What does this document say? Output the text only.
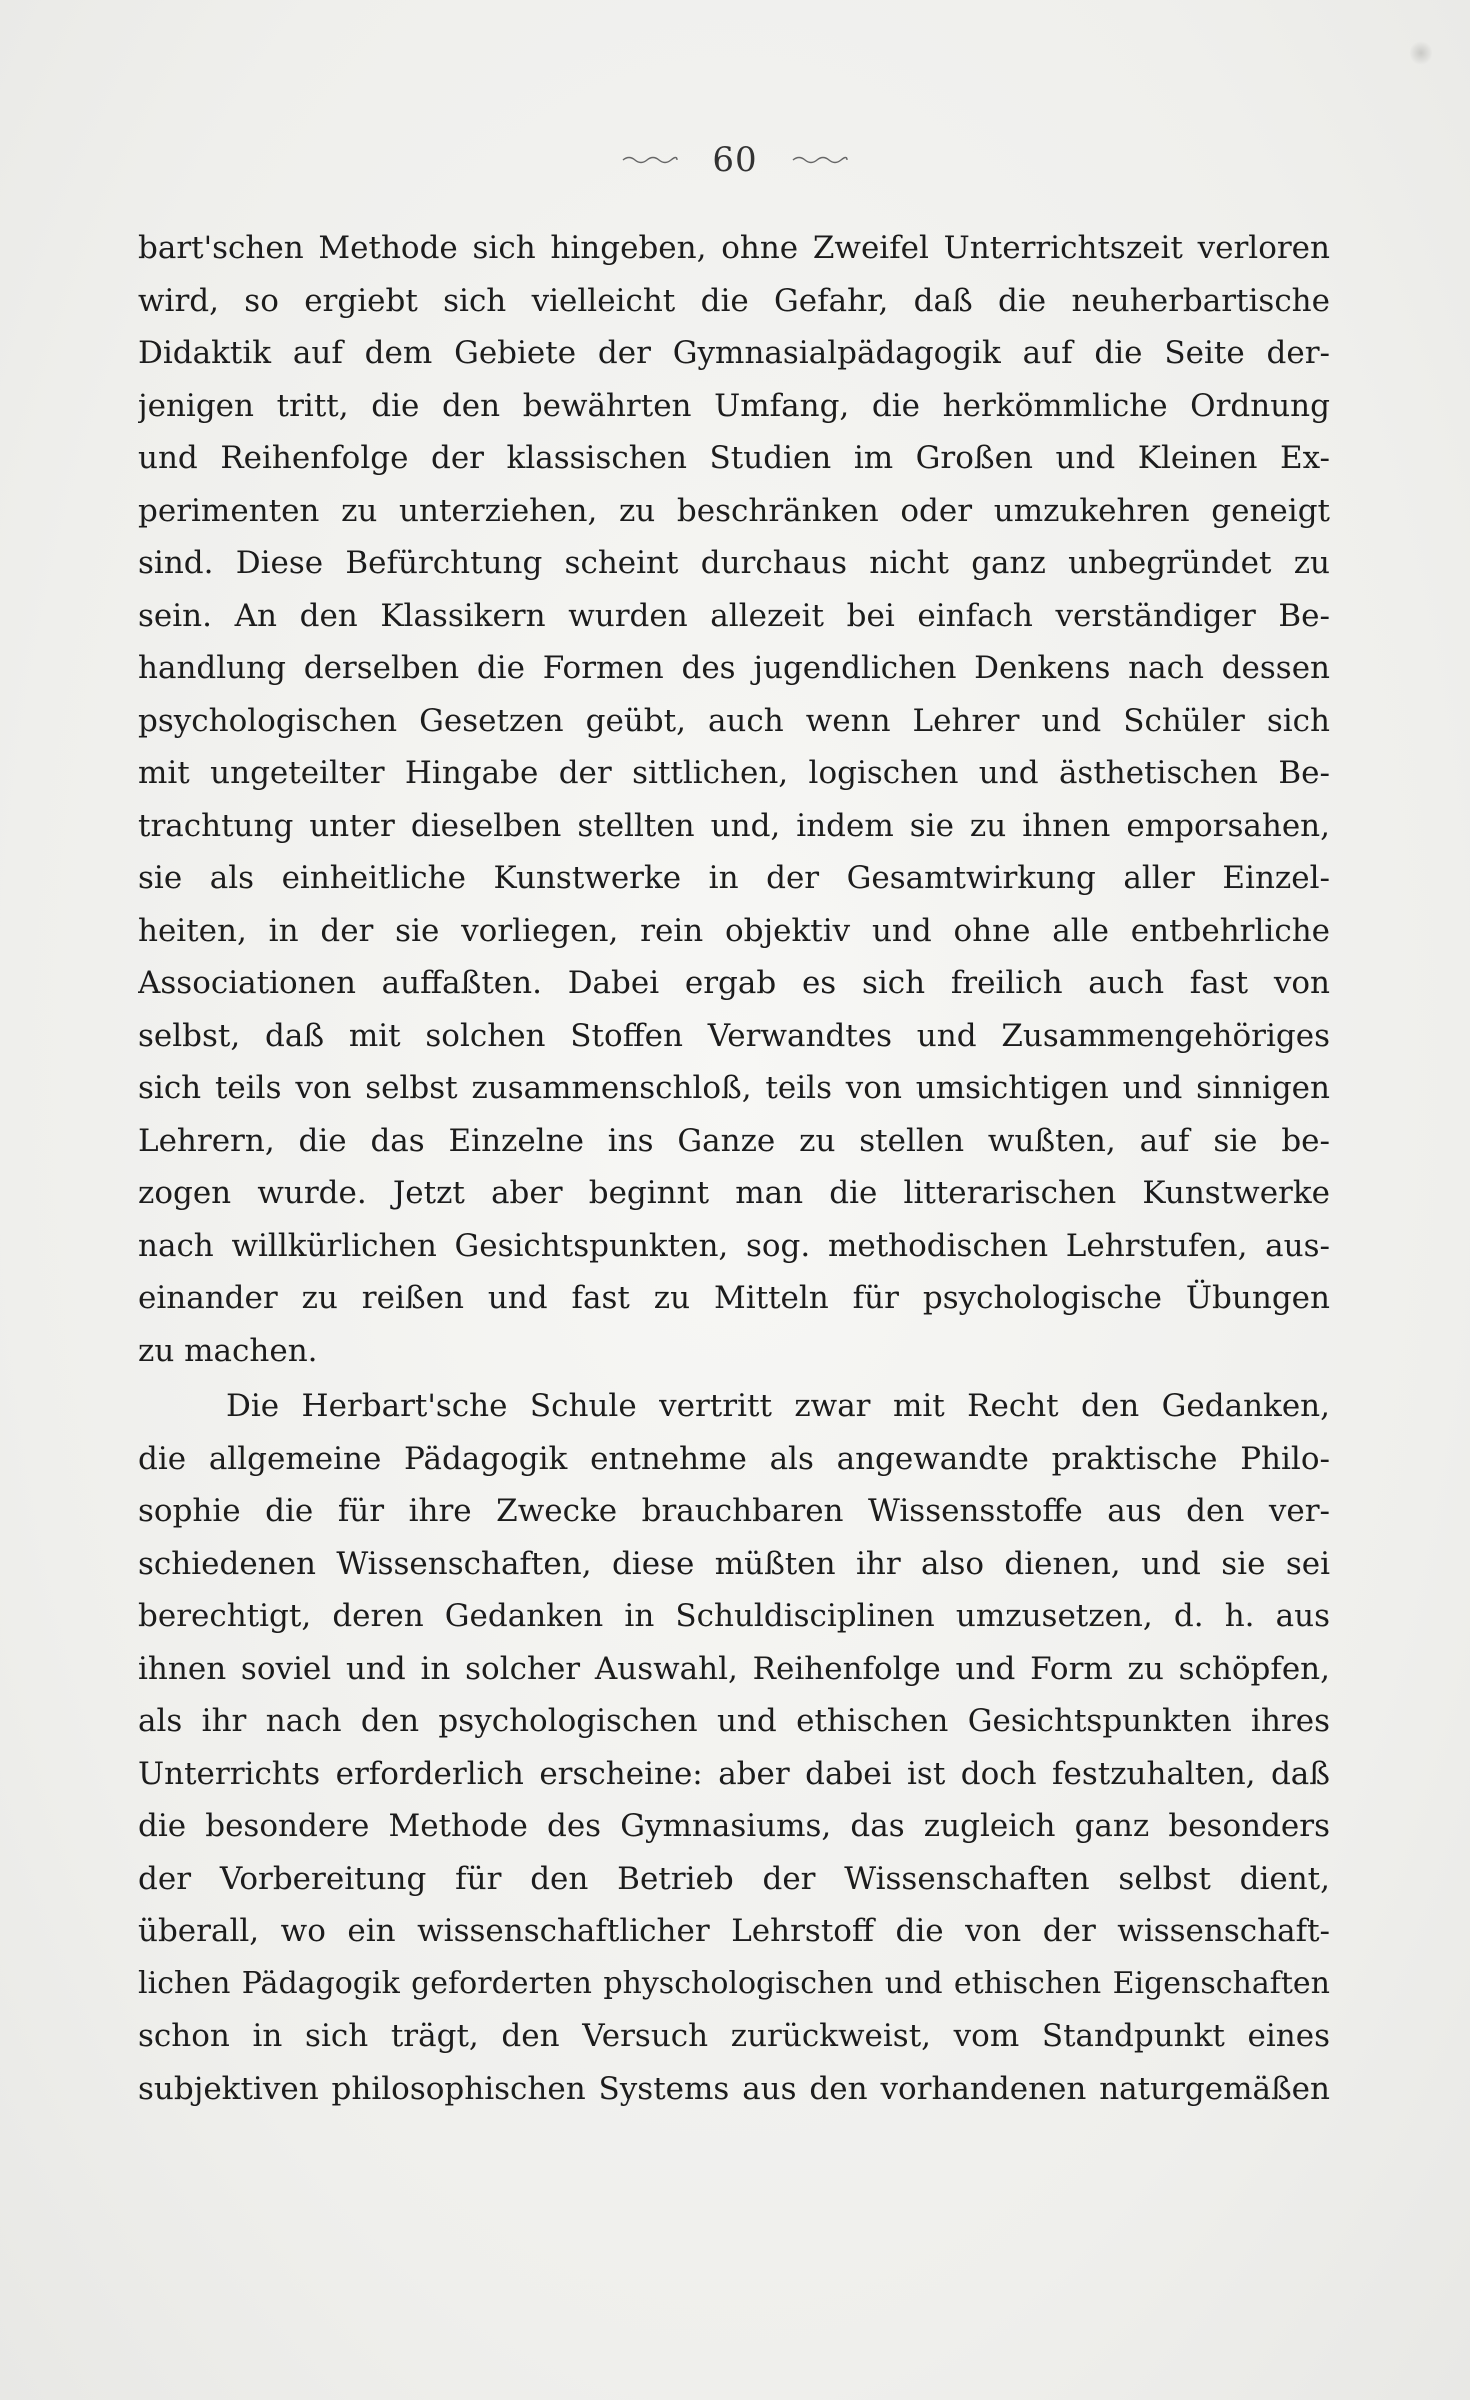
60
bart'schen Methode sich hingeben, ohne Zweifel Unterrichtszeit verloren
wird, so ergiebt sich vielleicht die Gefahr, daß die neuherbartische
Didaktik auf dem Gebiete der Gymnasialpädagogik auf die Seite der-
jenigen tritt, die den bewährten Umfang, die herkömmliche Ordnung
und Reihenfolge der klassischen Studien im Großen und Kleinen Ex-
perimenten zu unterziehen, zu beschränken oder umzukehren geneigt
sind. Diese Befürchtung scheint durchaus nicht ganz unbegründet zu
sein. An den Klassikern wurden allezeit bei einfach verständiger Be-
handlung derselben die Formen des jugendlichen Denkens nach dessen
psychologischen Gesetzen geübt, auch wenn Lehrer und Schüler sich
mit ungeteilter Hingabe der sittlichen, logischen und ästhetischen Be-
trachtung unter dieselben stellten und, indem sie zu ihnen emporsahen,
sie als einheitliche Kunstwerke in der Gesamtwirkung aller Einzel-
heiten, in der sie vorliegen, rein objektiv und ohne alle entbehrliche
Associationen auffaßten. Dabei ergab es sich freilich auch fast von
selbst, daß mit solchen Stoffen Verwandtes und Zusammengehöriges
sich teils von selbst zusammenschloß, teils von umsichtigen und sinnigen
Lehrern, die das Einzelne ins Ganze zu stellen wußten, auf sie be-
zogen wurde. Jetzt aber beginnt man die litterarischen Kunstwerke
nach willkürlichen Gesichtspunkten, sog. methodischen Lehrstufen, aus-
einander zu reißen und fast zu Mitteln für psychologische Übungen
zu machen.
Die Herbart'sche Schule vertritt zwar mit Recht den Gedanken,
die allgemeine Pädagogik entnehme als angewandte praktische Philo-
sophie die für ihre Zwecke brauchbaren Wissensstoffe aus den ver-
schiedenen Wissenschaften, diese müßten ihr also dienen, und sie sei
berechtigt, deren Gedanken in Schuldisciplinen umzusetzen, d. h. aus
ihnen soviel und in solcher Auswahl, Reihenfolge und Form zu schöpfen,
als ihr nach den psychologischen und ethischen Gesichtspunkten ihres
Unterrichts erforderlich erscheine: aber dabei ist doch festzuhalten, daß
die besondere Methode des Gymnasiums, das zugleich ganz besonders
der Vorbereitung für den Betrieb der Wissenschaften selbst dient,
überall, wo ein wissenschaftlicher Lehrstoff die von der wissenschaft-
lichen Pädagogik geforderten physchologischen und ethischen Eigenschaften
schon in sich trägt, den Versuch zurückweist, vom Standpunkt eines
subjektiven philosophischen Systems aus den vorhandenen naturgemäßen
